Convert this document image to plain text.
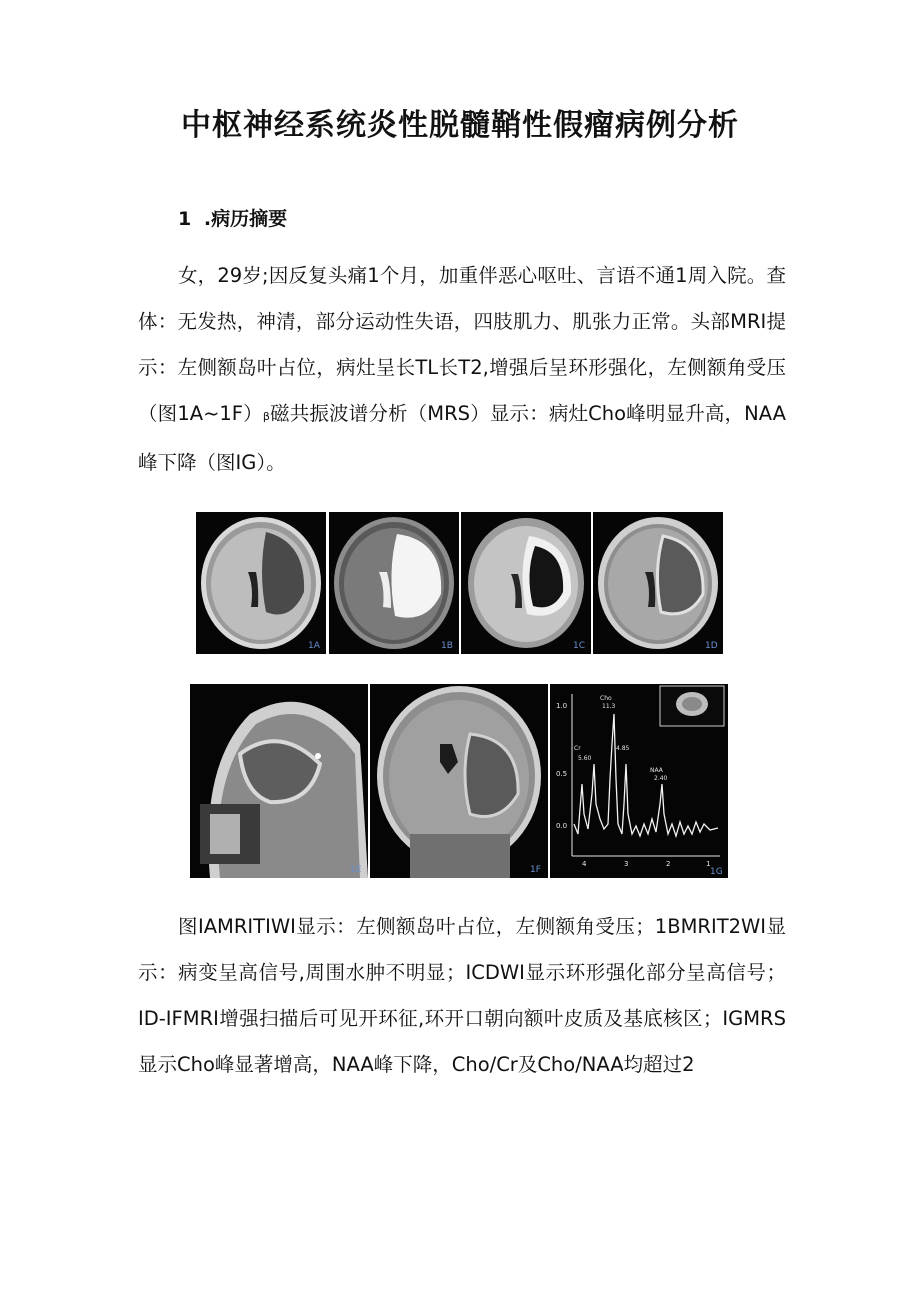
中枢神经系统炎性脱髓鞘性假瘤病例分析
1 .病历摘要
女，29岁;因反复头痛1个月，加重伴恶心呕吐、言语不通1周入院。查体：无发热，神清，部分运动性失语，四肢肌力、肌张力正常。头部MRI提示：左侧额岛叶占位，病灶呈长TL长T2,增强后呈环形强化，左侧额角受压（图1A~1F）β磁共振波谱分析（MRS）显示：病灶Cho峰明显升高，NAA峰下降（图IG）。
1A	1B	1C	1D
1E	1F
1.0
0.5
0.0
4	3	2	1
Cho
11.3
4.85
Cr
5.60
NAA
2.40
1G
图IAMRITIWI显示：左侧额岛叶占位，左侧额角受压；1BMRIT2WI显示：病变呈高信号,周围水肿不明显；ICDWI显示环形强化部分呈高信号；ID-IFMRI增强扫描后可见开环征,环开口朝向额叶皮质及基底核区；IGMRS显示Cho峰显著增高，NAA峰下降，Cho/Cr及Cho/NAA均超过2
